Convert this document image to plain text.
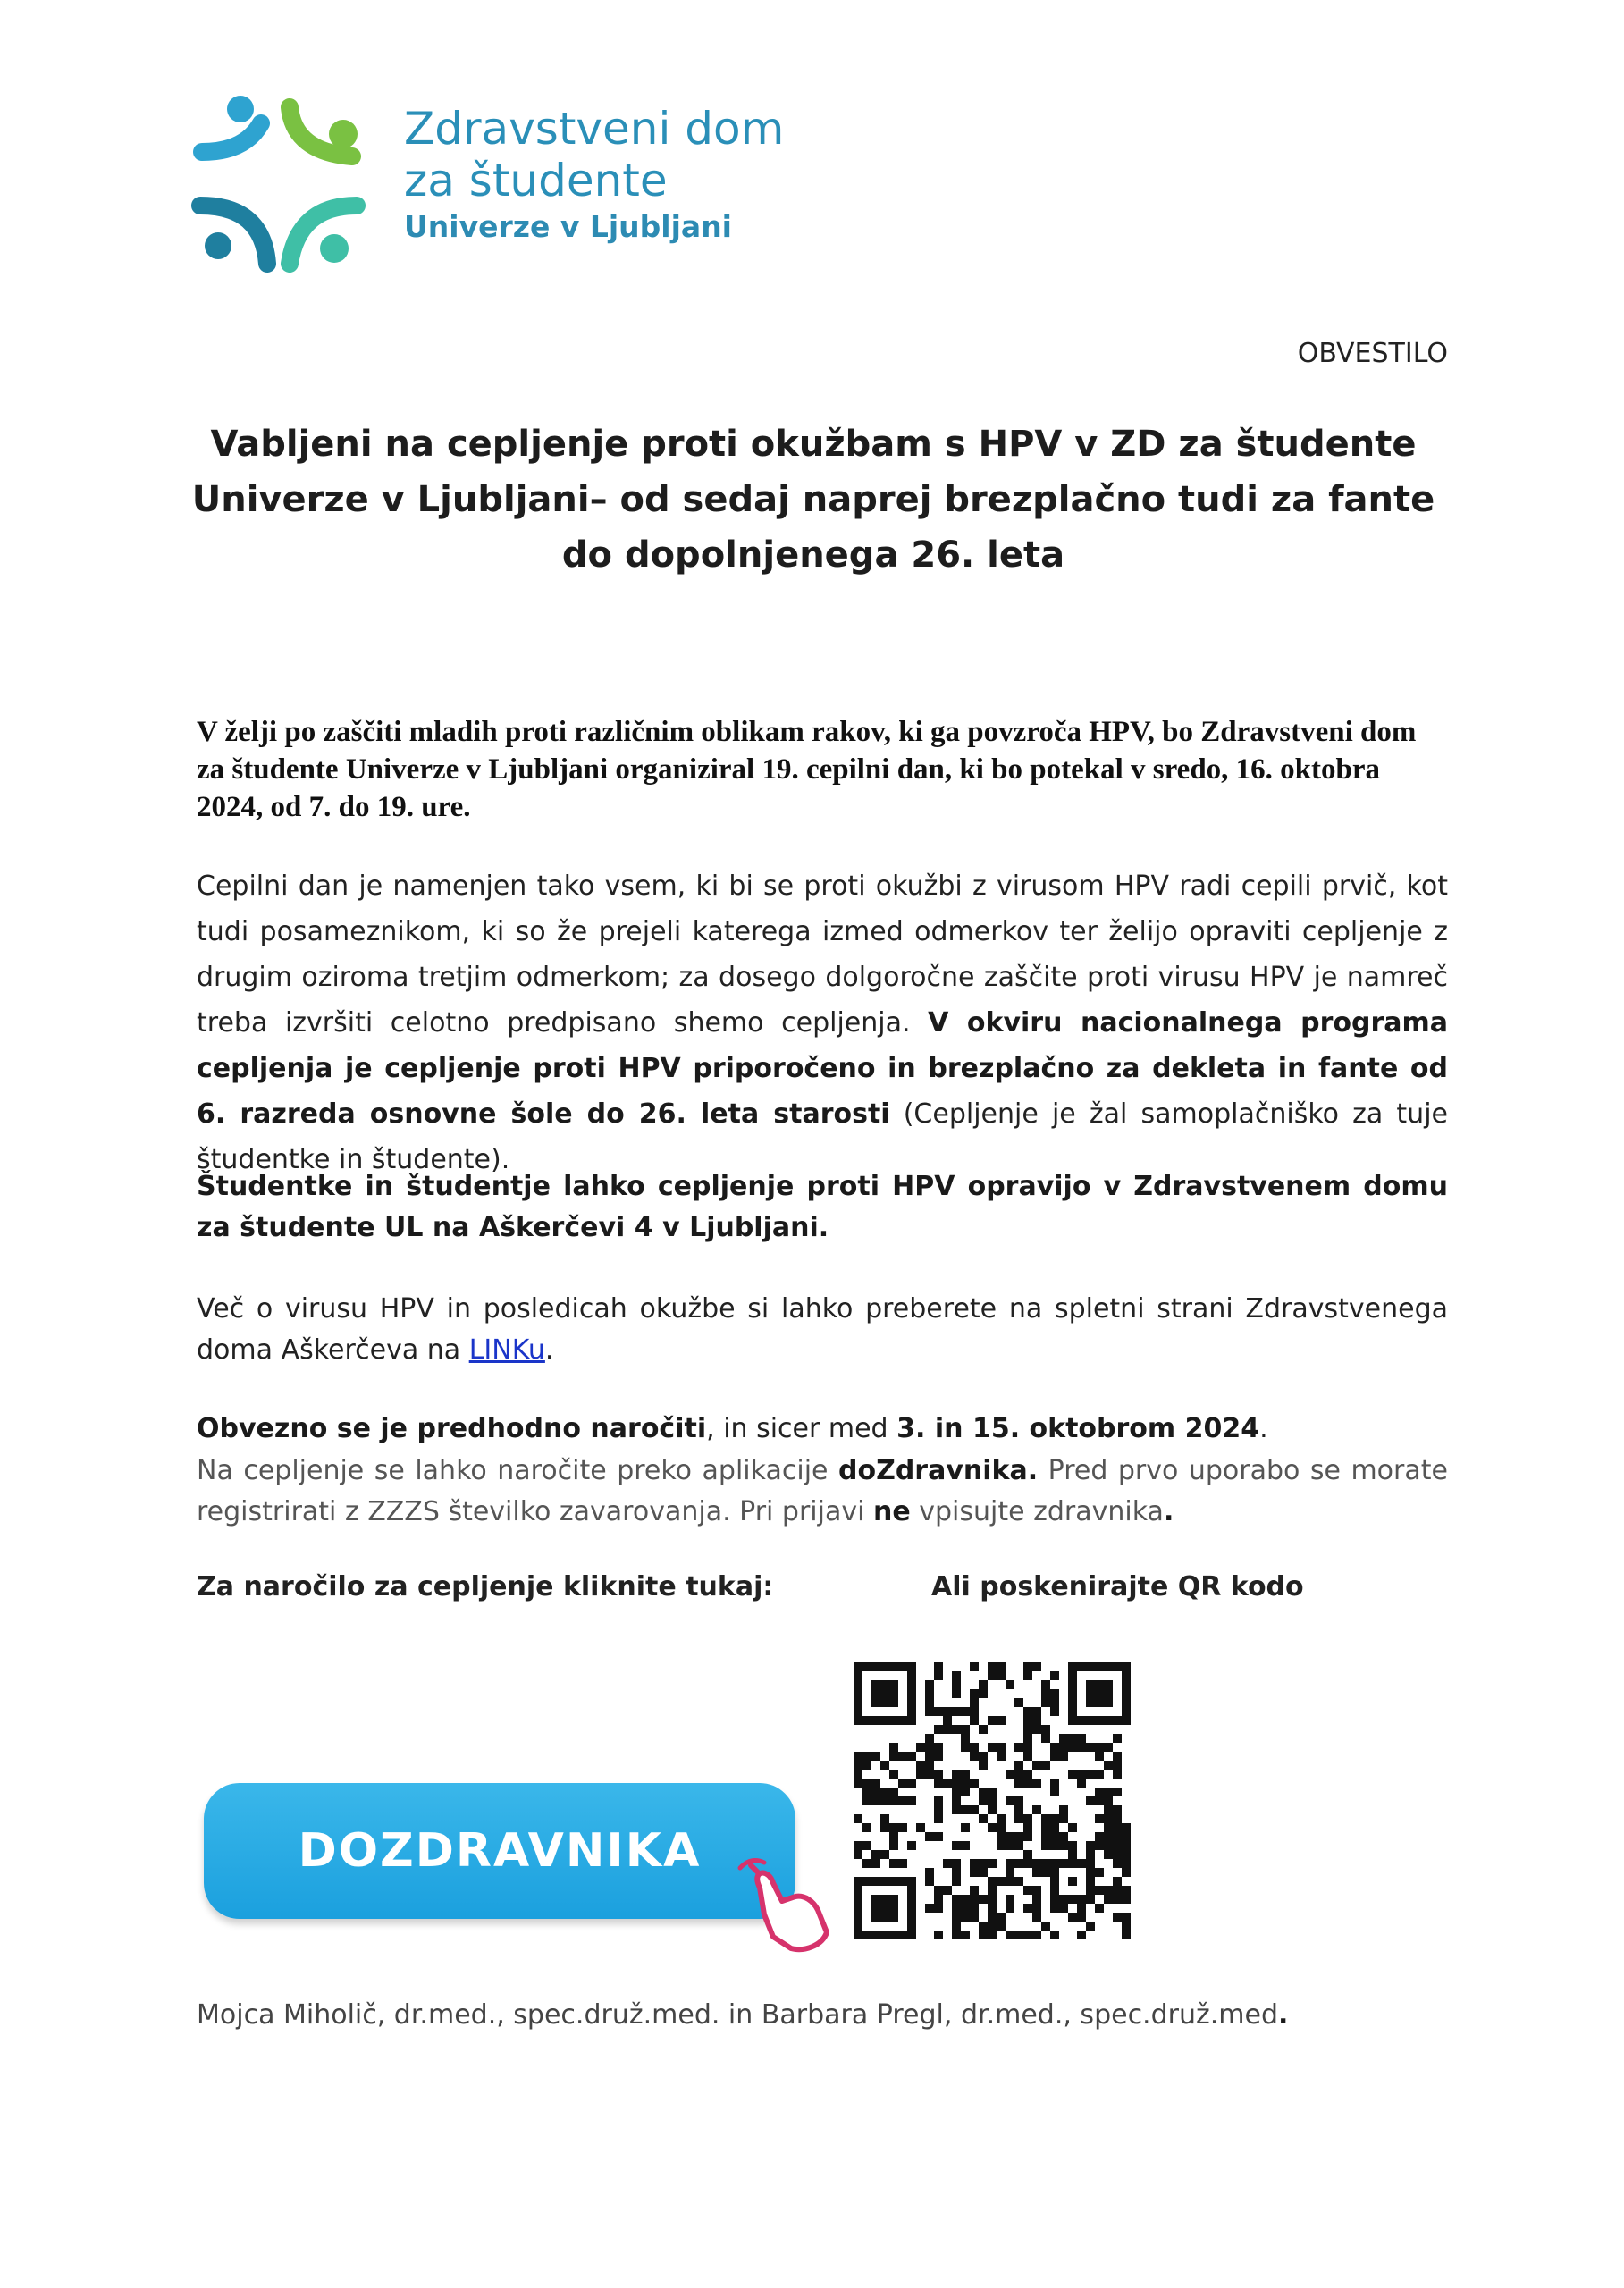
Zdravstveni dom
za študente
Univerze v Ljubljani
OBVESTILO
Vabljeni na cepljenje proti okužbam s HPV v ZD za študente Univerze v Ljubljani– od sedaj naprej brezplačno tudi za fante do dopolnjenega 26. leta
V želji po zaščiti mladih proti različnim oblikam rakov, ki ga povzroča HPV, bo Zdravstveni dom za študente Univerze v Ljubljani organiziral 19. cepilni dan, ki bo potekal v sredo, 16. oktobra 2024, od 7. do 19. ure.
Cepilni dan je namenjen tako vsem, ki bi se proti okužbi z virusom HPV radi cepili prvič, kot tudi posameznikom, ki so že prejeli katerega izmed odmerkov ter želijo opraviti cepljenje z drugim oziroma tretjim odmerkom; za dosego dolgoročne zaščite proti virusu HPV je namreč treba izvršiti celotno predpisano shemo cepljenja. V okviru nacionalnega programa cepljenja je cepljenje proti HPV priporočeno in brezplačno za dekleta in fante od 6. razreda osnovne šole do 26. leta starosti (Cepljenje je žal samoplačniško za tuje študentke in študente).
Študentke in študentje lahko cepljenje proti HPV opravijo v Zdravstvenem domu za študente UL na Aškerčevi 4 v Ljubljani.
Več o virusu HPV in posledicah okužbe si lahko preberete na spletni strani Zdravstvenega doma Aškerčeva na LINKu.
Obvezno se je predhodno naročiti, in sicer med 3. in 15. oktobrom 2024.
Na cepljenje se lahko naročite preko aplikacije doZdravnika. Pred prvo uporabo se morate registrirati z ZZZS številko zavarovanja. Pri prijavi ne vpisujte zdravnika.
Za naročilo za cepljenje kliknite tukaj:	Ali poskenirajte QR kodo
DOZDRAVNIKA
Mojca Miholič, dr.med., spec.druž.med. in Barbara Pregl, dr.med., spec.druž.med.
